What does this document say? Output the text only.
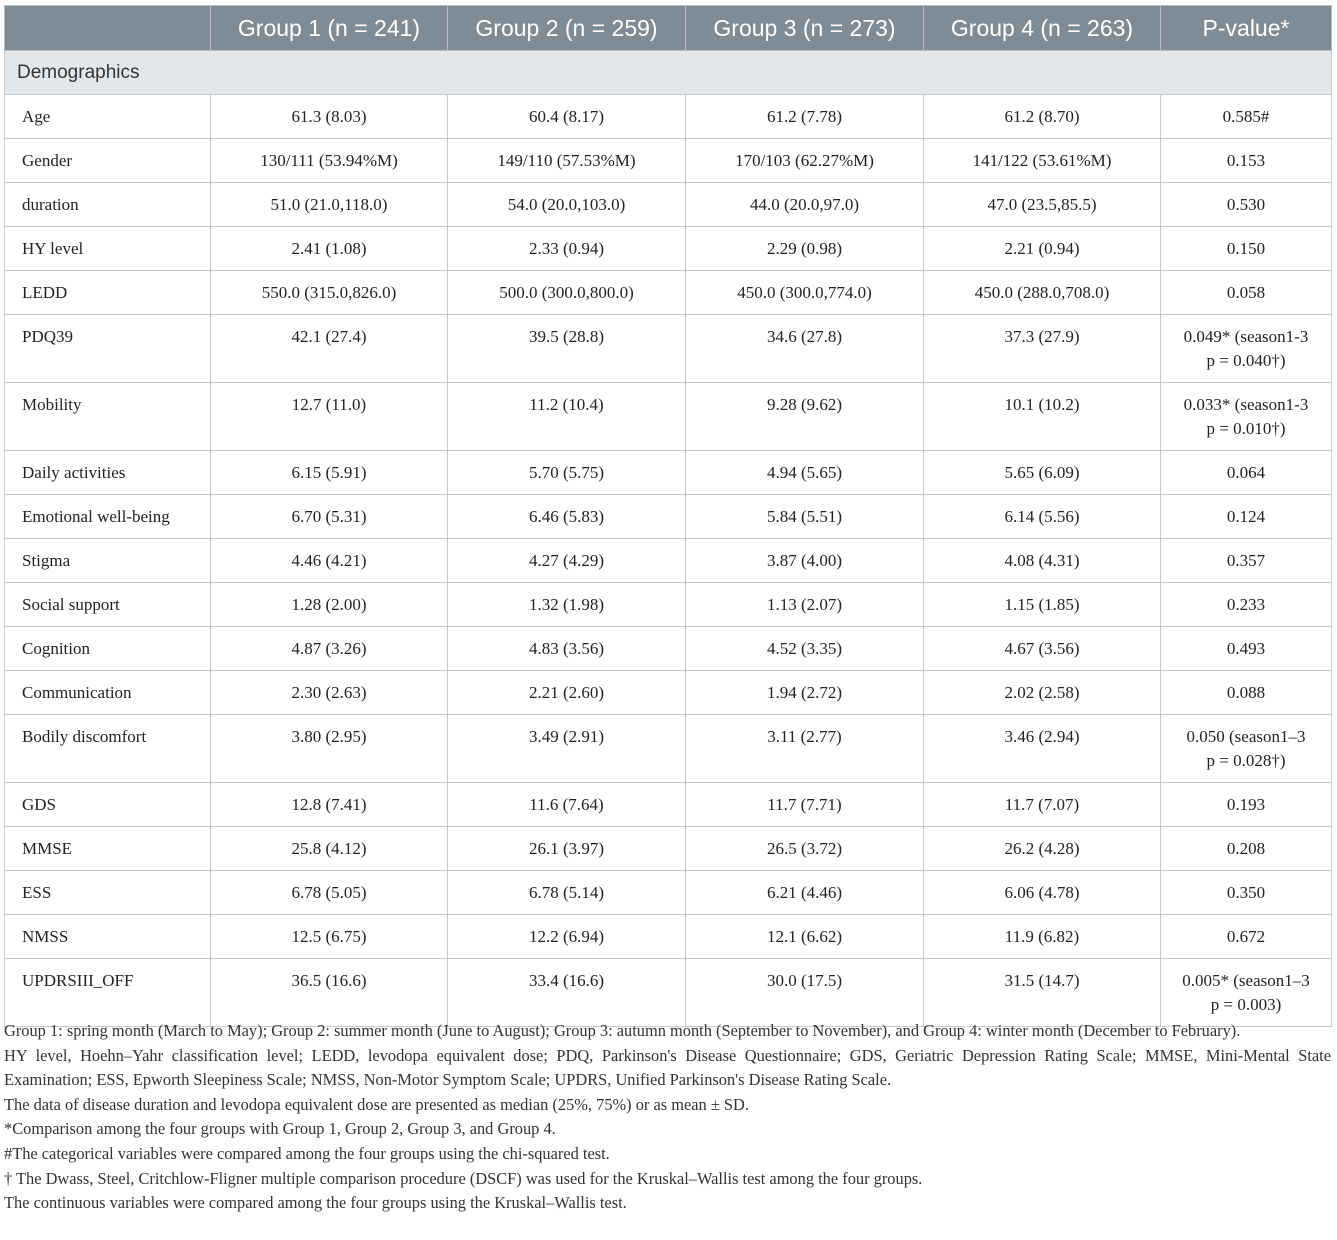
	Group 1 (n = 241)	Group 2 (n = 259)	Group 3 (n = 273)	Group 4 (n = 263)	P-value*
Demographics					
Age	61.3 (8.03)	60.4 (8.17)	61.2 (7.78)	61.2 (8.70)	0.585#
Gender	130/111 (53.94%M)	149/110 (57.53%M)	170/103 (62.27%M)	141/122 (53.61%M)	0.153
duration	51.0 (21.0,118.0)	54.0 (20.0,103.0)	44.0 (20.0,97.0)	47.0 (23.5,85.5)	0.530
HY level	2.41 (1.08)	2.33 (0.94)	2.29 (0.98)	2.21 (0.94)	0.150
LEDD	550.0 (315.0,826.0)	500.0 (300.0,800.0)	450.0 (300.0,774.0)	450.0 (288.0,708.0)	0.058
PDQ39	42.1 (27.4)	39.5 (28.8)	34.6 (27.8)	37.3 (27.9)	0.049* (season1-3
p = 0.040†)

Mobility	12.7 (11.0)	11.2 (10.4)	9.28 (9.62)	10.1 (10.2)	0.033* (season1-3
p = 0.010†)

Daily activities	6.15 (5.91)	5.70 (5.75)	4.94 (5.65)	5.65 (6.09)	0.064
Emotional well-being	6.70 (5.31)	6.46 (5.83)	5.84 (5.51)	6.14 (5.56)	0.124
Stigma	4.46 (4.21)	4.27 (4.29)	3.87 (4.00)	4.08 (4.31)	0.357
Social support	1.28 (2.00)	1.32 (1.98)	1.13 (2.07)	1.15 (1.85)	0.233
Cognition	4.87 (3.26)	4.83 (3.56)	4.52 (3.35)	4.67 (3.56)	0.493
Communication	2.30 (2.63)	2.21 (2.60)	1.94 (2.72)	2.02 (2.58)	0.088
Bodily discomfort	3.80 (2.95)	3.49 (2.91)	3.11 (2.77)	3.46 (2.94)	0.050 (season1–3
p = 0.028†)

GDS	12.8 (7.41)	11.6 (7.64)	11.7 (7.71)	11.7 (7.07)	0.193
MMSE	25.8 (4.12)	26.1 (3.97)	26.5 (3.72)	26.2 (4.28)	0.208
ESS	6.78 (5.05)	6.78 (5.14)	6.21 (4.46)	6.06 (4.78)	0.350
NMSS	12.5 (6.75)	12.2 (6.94)	12.1 (6.62)	11.9 (6.82)	0.672
UPDRSIII_OFF	36.5 (16.6)	33.4 (16.6)	30.0 (17.5)	31.5 (14.7)	0.005* (season1–3
p = 0.003)

Group 1: spring month (March to May); Group 2: summer month (June to August); Group 3: autumn month (September to November), and Group 4: winter month (December to February).

HY level, Hoehn–Yahr classification level; LEDD, levodopa equivalent dose; PDQ, Parkinson's Disease Questionnaire; GDS, Geriatric Depression Rating Scale; MMSE, Mini-Mental State Examination; ESS, Epworth Sleepiness Scale; NMSS, Non-Motor Symptom Scale; UPDRS, Unified Parkinson's Disease Rating Scale.

The data of disease duration and levodopa equivalent dose are presented as median (25%, 75%) or as mean ± SD.

*Comparison among the four groups with Group 1, Group 2, Group 3, and Group 4.

#The categorical variables were compared among the four groups using the chi-squared test.

† The Dwass, Steel, Critchlow-Fligner multiple comparison procedure (DSCF) was used for the Kruskal–Wallis test among the four groups.

The continuous variables were compared among the four groups using the Kruskal–Wallis test.
